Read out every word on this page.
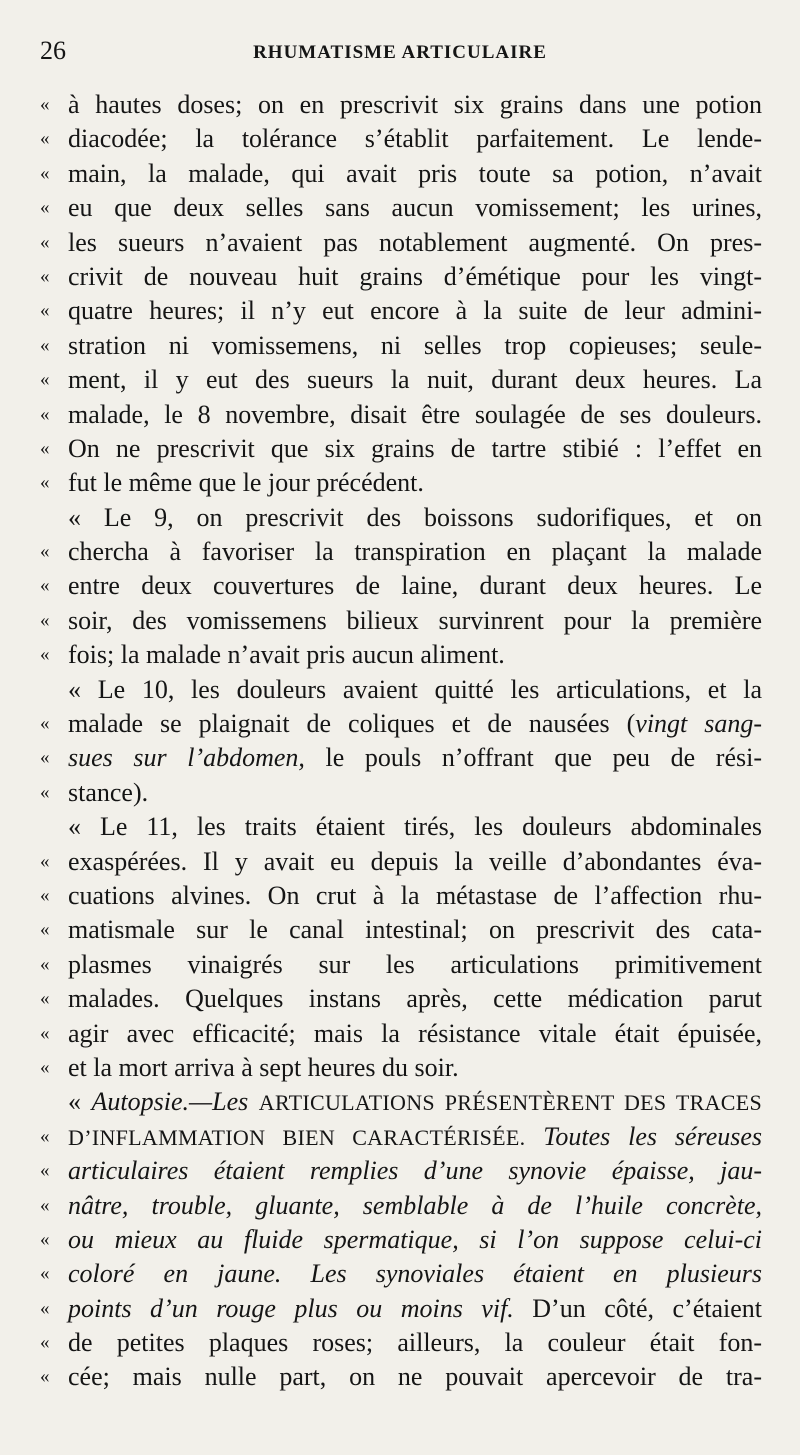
26	RHUMATISME ARTICULAIRE
« à hautes doses; on en prescrivit six grains dans une potion
« diacodée; la tolérance s’établit parfaitement. Le lende-
« main, la malade, qui avait pris toute sa potion, n’avait
« eu que deux selles sans aucun vomissement; les urines,
« les sueurs n’avaient pas notablement augmenté. On pres-
« crivit de nouveau huit grains d’émétique pour les vingt-
« quatre heures; il n’y eut encore à la suite de leur admini-
« stration ni vomissemens, ni selles trop copieuses; seule-
« ment, il y eut des sueurs la nuit, durant deux heures. La
« malade, le 8 novembre, disait être soulagée de ses douleurs.
« On ne prescrivit que six grains de tartre stibié : l’effet en
« fut le même que le jour précédent.
« Le 9, on prescrivit des boissons sudorifiques, et on
« chercha à favoriser la transpiration en plaçant la malade
« entre deux couvertures de laine, durant deux heures. Le
« soir, des vomissemens bilieux survinrent pour la première
« fois; la malade n’avait pris aucun aliment.
« Le 10, les douleurs avaient quitté les articulations, et la
« malade se plaignait de coliques et de nausées (vingt sang-
« sues sur l’abdomen, le pouls n’offrant que peu de rési-
« stance).
« Le 11, les traits étaient tirés, les douleurs abdominales
« exaspérées. Il y avait eu depuis la veille d’abondantes éva-
« cuations alvines. On crut à la métastase de l’affection rhu-
« matismale sur le canal intestinal; on prescrivit des cata-
« plasmes vinaigrés sur les articulations primitivement
« malades. Quelques instans après, cette médication parut
« agir avec efficacité; mais la résistance vitale était épuisée,
« et la mort arriva à sept heures du soir.
« Autopsie.—Les ARTICULATIONS PRÉSENTÈRENT DES TRACES
« D’INFLAMMATION BIEN CARACTÉRISÉE. Toutes les séreuses
« articulaires étaient remplies d’une synovie épaisse, jau-
« nâtre, trouble, gluante, semblable à de l’huile concrète,
« ou mieux au fluide spermatique, si l’on suppose celui-ci
« coloré en jaune. Les synoviales étaient en plusieurs
« points d’un rouge plus ou moins vif. D’un côté, c’étaient
« de petites plaques roses; ailleurs, la couleur était fon-
« cée; mais nulle part, on ne pouvait apercevoir de tra-
